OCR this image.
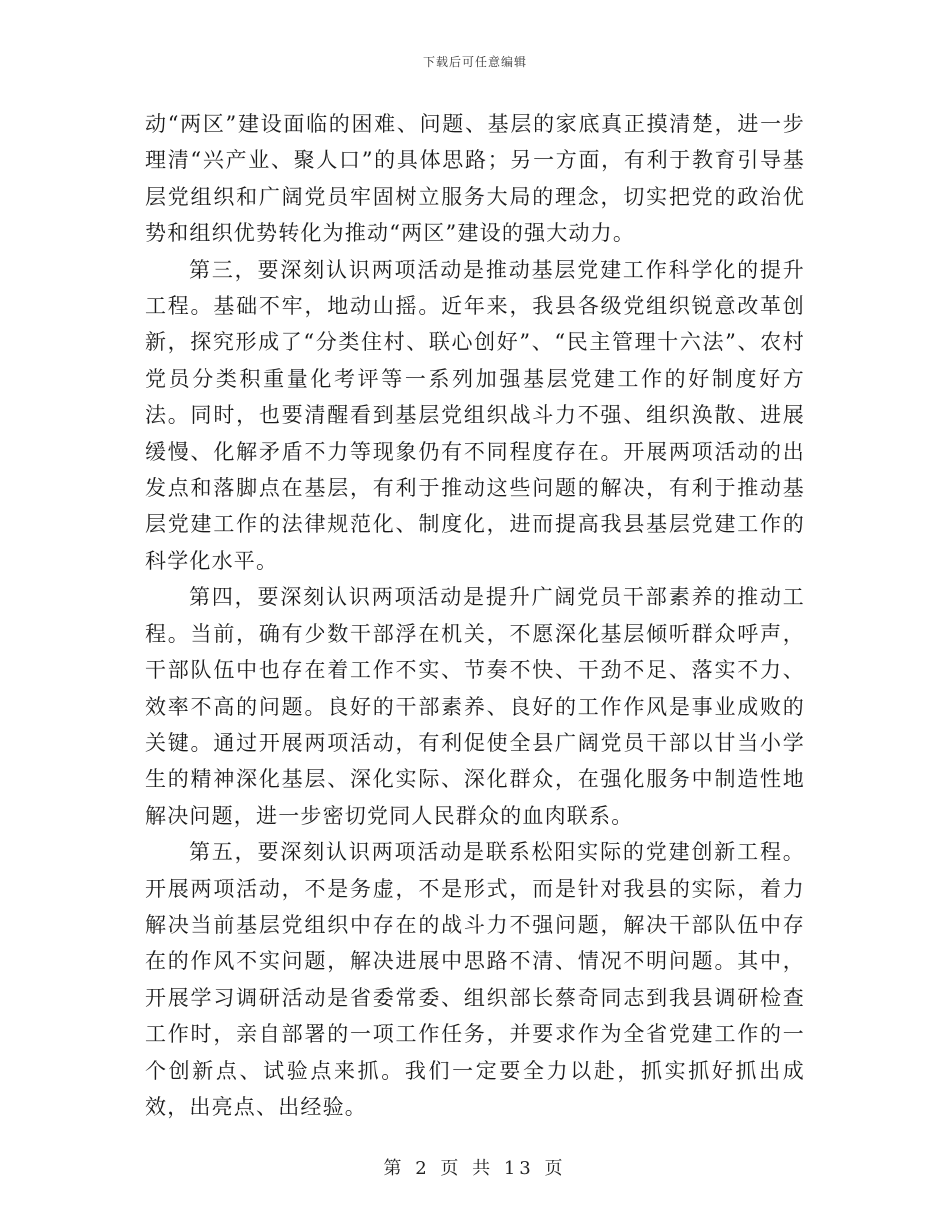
下载后可任意编辑

动“两区”建设面临的困难、问题、基层的家底真正摸清楚，进一步理清“兴产业、聚人口”的具体思路；另一方面，有利于教育引导基层党组织和广阔党员牢固树立服务大局的理念，切实把党的政治优势和组织优势转化为推动“两区”建设的强大动力。

第三，要深刻认识两项活动是推动基层党建工作科学化的提升工程。基础不牢，地动山摇。近年来，我县各级党组织锐意改革创新，探究形成了“分类住村、联心创好”、“民主管理十六法”、农村党员分类积重量化考评等一系列加强基层党建工作的好制度好方法。同时，也要清醒看到基层党组织战斗力不强、组织涣散、进展缓慢、化解矛盾不力等现象仍有不同程度存在。开展两项活动的出发点和落脚点在基层，有利于推动这些问题的解决，有利于推动基层党建工作的法律规范化、制度化，进而提高我县基层党建工作的科学化水平。

第四，要深刻认识两项活动是提升广阔党员干部素养的推动工程。当前，确有少数干部浮在机关，不愿深化基层倾听群众呼声，干部队伍中也存在着工作不实、节奏不快、干劲不足、落实不力、效率不高的问题。良好的干部素养、良好的工作作风是事业成败的关键。通过开展两项活动，有利促使全县广阔党员干部以甘当小学生的精神深化基层、深化实际、深化群众，在强化服务中制造性地解决问题，进一步密切党同人民群众的血肉联系。

第五，要深刻认识两项活动是联系松阳实际的党建创新工程。开展两项活动，不是务虚，不是形式，而是针对我县的实际，着力解决当前基层党组织中存在的战斗力不强问题，解决干部队伍中存在的作风不实问题，解决进展中思路不清、情况不明问题。其中，开展学习调研活动是省委常委、组织部长蔡奇同志到我县调研检查工作时，亲自部署的一项工作任务，并要求作为全省党建工作的一个创新点、试验点来抓。我们一定要全力以赴，抓实抓好抓出成效，出亮点、出经验。

第 2 页 共 13 页
